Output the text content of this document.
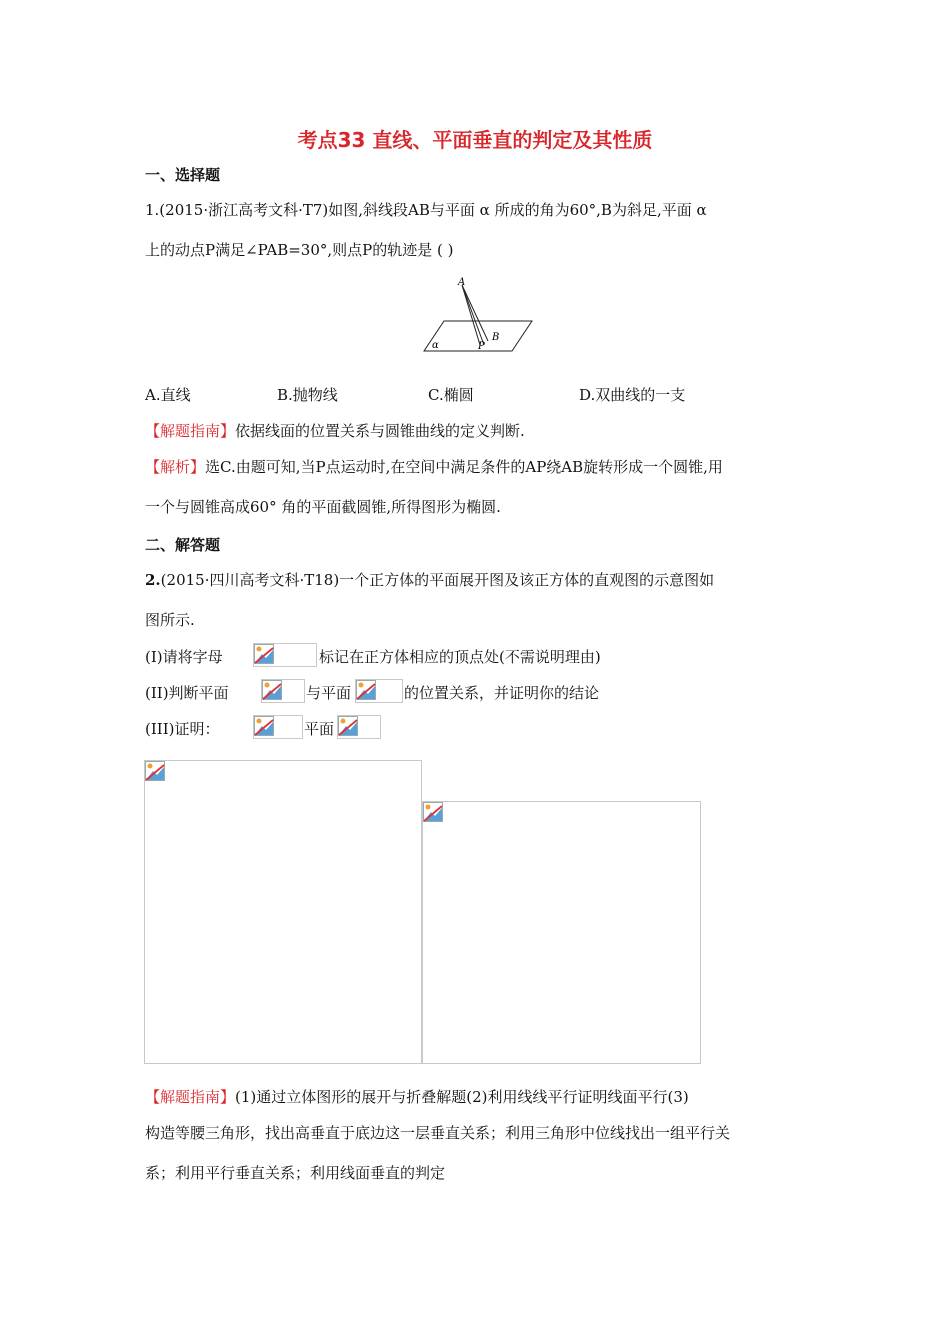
考点33 直线、平面垂直的判定及其性质
一、选择题
1.(2015·浙江高考文科·T7)如图,斜线段AB与平面 α 所成的角为60°,B为斜足,平面 α
上的动点P满足∠PAB=30°,则点P的轨迹是 ( )
A
B
P
α
A.直线	B.抛物线	C.椭圆	D.双曲线的一支
【解题指南】依据线面的位置关系与圆锥曲线的定义判断.
【解析】选C.由题可知,当P点运动时,在空间中满足条件的AP绕AB旋转形成一个圆锥,用
一个与圆锥高成60° 角的平面截圆锥,所得图形为椭圆.
二、解答题
2.(2015·四川高考文科·T18)一个正方体的平面展开图及该正方体的直观图的示意图如
图所示.
(I)请将字母	标记在正方体相应的顶点处(不需说明理由)
(II)判断平面	与平面	的位置关系，并证明你的结论
(III)证明：	平面
【解题指南】(1)通过立体图形的展开与折叠解题(2)利用线线平行证明线面平行(3)
构造等腰三角形，找出高垂直于底边这一层垂直关系；利用三角形中位线找出一组平行关
系；利用平行垂直关系；利用线面垂直的判定
